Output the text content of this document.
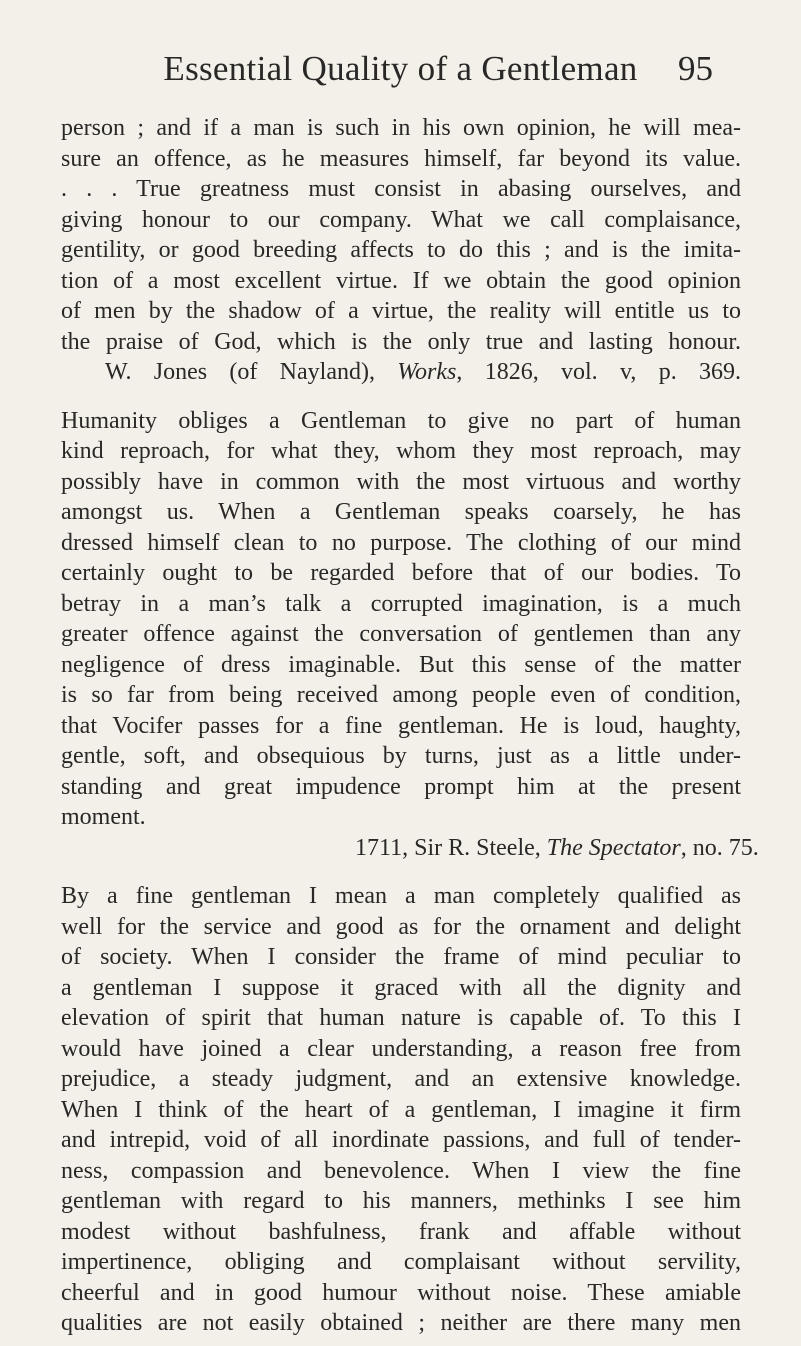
Essential Quality of a Gentleman	95
person ; and if a man is such in his own opinion, he will mea-
sure an offence, as he measures himself, far beyond its value.
. . . True greatness must consist in abasing ourselves, and
giving honour to our company. What we call complaisance,
gentility, or good breeding affects to do this ; and is the imita-
tion of a most excellent virtue. If we obtain the good opinion
of men by the shadow of a virtue, the reality will entitle us to
the praise of God, which is the only true and lasting honour.
W. Jones (of Nayland), Works, 1826, vol. v, p. 369.
Humanity obliges a Gentleman to give no part of human
kind reproach, for what they, whom they most reproach, may
possibly have in common with the most virtuous and worthy
amongst us. When a Gentleman speaks coarsely, he has
dressed himself clean to no purpose. The clothing of our mind
certainly ought to be regarded before that of our bodies. To
betray in a man’s talk a corrupted imagination, is a much
greater offence against the conversation of gentlemen than any
negligence of dress imaginable. But this sense of the matter
is so far from being received among people even of condition,
that Vocifer passes for a fine gentleman. He is loud, haughty,
gentle, soft, and obsequious by turns, just as a little under-
standing and great impudence prompt him at the present
moment.
1711, Sir R. Steele, The Spectator, no. 75.
By a fine gentleman I mean a man completely qualified as
well for the service and good as for the ornament and delight
of society. When I consider the frame of mind peculiar to
a gentleman I suppose it graced with all the dignity and
elevation of spirit that human nature is capable of. To this I
would have joined a clear understanding, a reason free from
prejudice, a steady judgment, and an extensive knowledge.
When I think of the heart of a gentleman, I imagine it firm
and intrepid, void of all inordinate passions, and full of tender-
ness, compassion and benevolence. When I view the fine
gentleman with regard to his manners, methinks I see him
modest without bashfulness, frank and affable without
impertinence, obliging and complaisant without servility,
cheerful and in good humour without noise. These amiable
qualities are not easily obtained ; neither are there many men
